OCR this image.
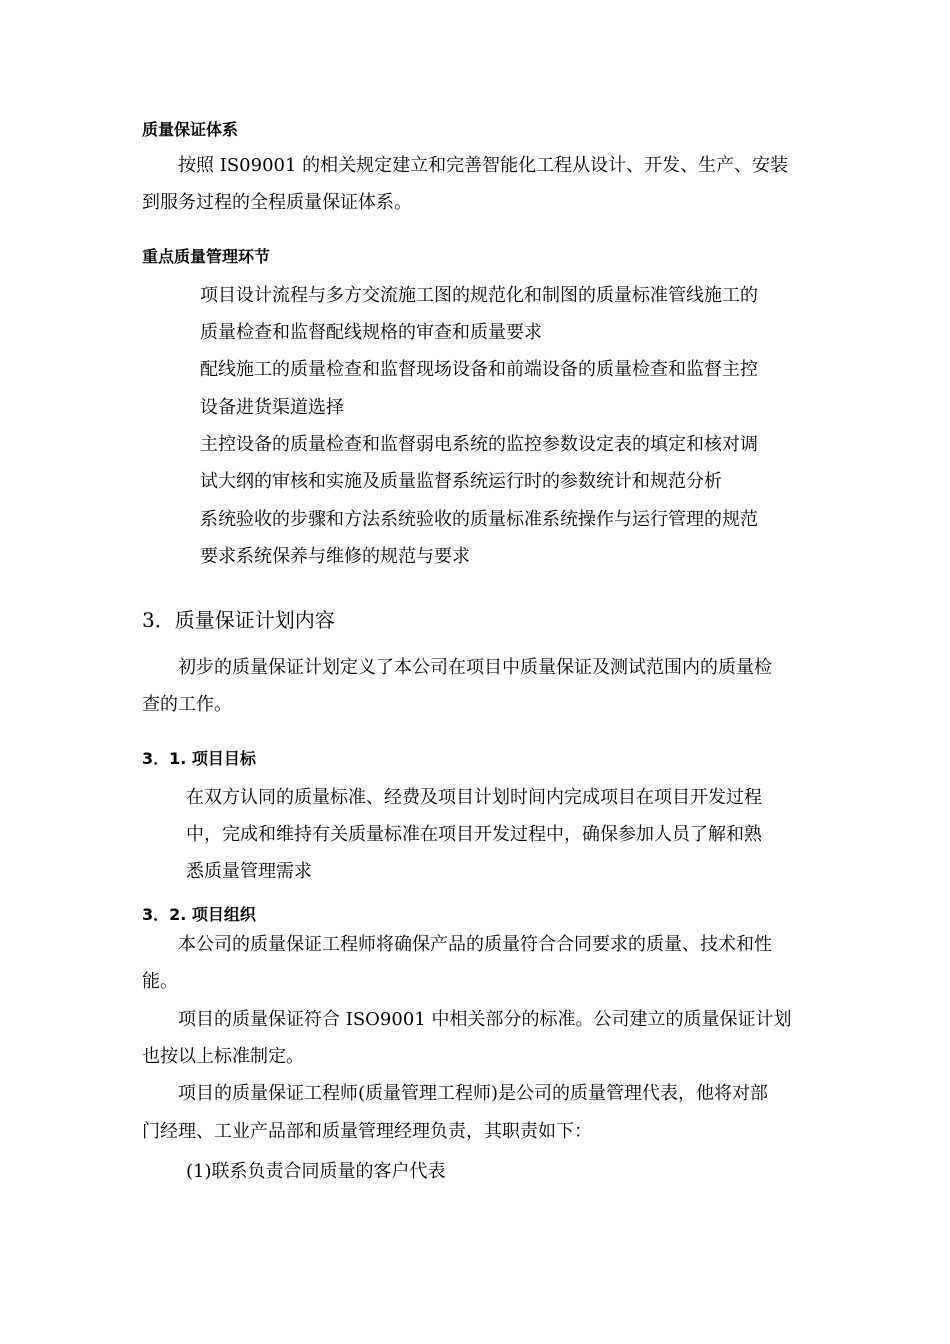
质量保证体系
按照 IS09001 的相关规定建立和完善智能化工程从设计、开发、生产、安装
到服务过程的全程质量保证体系。
重点质量管理环节
项目设计流程与多方交流施工图的规范化和制图的质量标准管线施工的
质量检查和监督配线规格的审查和质量要求
配线施工的质量检查和监督现场设备和前端设备的质量检查和监督主控
设备进货渠道选择
主控设备的质量检查和监督弱电系统的监控参数设定表的填定和核对调
试大纲的审核和实施及质量监督系统运行时的参数统计和规范分析
系统验收的步骤和方法系统验收的质量标准系统操作与运行管理的规范
要求系统保养与维修的规范与要求
3．质量保证计划内容
初步的质量保证计划定义了本公司在项目中质量保证及测试范围内的质量检
查的工作。
3．1. 项目目标
在双方认同的质量标准、经费及项目计划时间内完成项目在项目开发过程
中，完成和维持有关质量标准在项目开发过程中，确保参加人员了解和熟
悉质量管理需求
3．2. 项目组织
本公司的质量保证工程师将确保产品的质量符合合同要求的质量、技术和性
能。
项目的质量保证符合 ISO9001 中相关部分的标准。公司建立的质量保证计划
也按以上标准制定。
项目的质量保证工程师(质量管理工程师)是公司的质量管理代表，他将对部
门经理、工业产品部和质量管理经理负责，其职责如下：
(1)联系负责合同质量的客户代表
